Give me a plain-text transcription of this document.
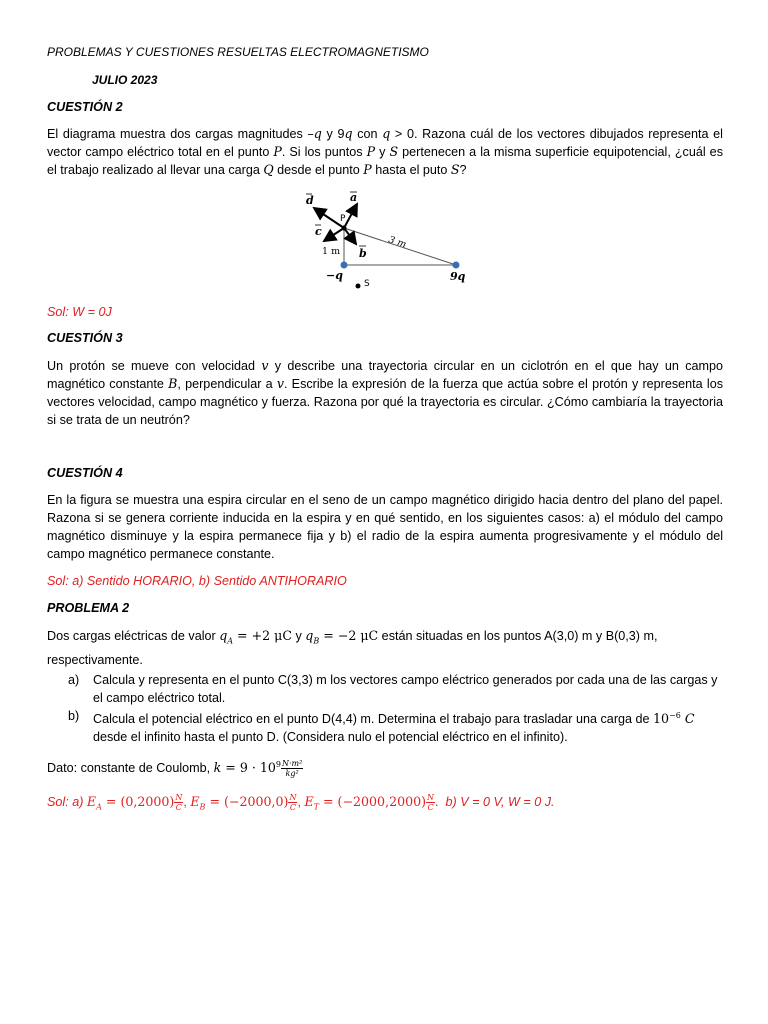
PROBLEMAS Y CUESTIONES RESUELTAS ELECTROMAGNETISMO
JULIO 2023
CUESTIÓN 2
El diagrama muestra dos cargas magnitudes –q y 9q con q > 0. Razona cuál de los vectores dibujados representa el vector campo eléctrico total en el punto P. Si los puntos P y S pertenecen a la misma superficie equipotencial, ¿cuál es el trabajo realizado al llevar una carga Q desde el punto P hasta el puto S?
d	a
c
b
P
1 m
3 m
−q	9q
S
Sol: W = 0J
CUESTIÓN 3
Un protón se mueve con velocidad v y describe una trayectoria circular en un ciclotrón en el que hay un campo magnético constante B, perpendicular a v. Escribe la expresión de la fuerza que actúa sobre el protón y representa los vectores velocidad, campo magnético y fuerza. Razona por qué la trayectoria es circular. ¿Cómo cambiaría la trayectoria si se trata de un neutrón?
CUESTIÓN 4
En la figura se muestra una espira circular en el seno de un campo magnético dirigido hacia dentro del plano del papel. Razona si se genera corriente inducida en la espira y en qué sentido, en los siguientes casos: a) el módulo del campo magnético disminuye y la espira permanece fija y b) el radio de la espira aumenta progresivamente y el módulo del campo magnético permanece constante.
Sol: a) Sentido HORARIO, b) Sentido ANTIHORARIO
PROBLEMA 2
Dos cargas eléctricas de valor $q_A = +2$ μC y $q_B = -2$ μC están situadas en los puntos A(3,0) m y B(0,3) m, respectivamente.
a) Calcula y representa en el punto C(3,3) m los vectores campo eléctrico generados por cada una de las cargas y el campo eléctrico total.
b) Calcula el potencial eléctrico en el punto D(4,4) m. Determina el trabajo para trasladar una carga de $10^{-6}$ C desde el infinito hasta el punto D. (Considera nulo el potencial eléctrico en el infinito).
Dato: constante de Coulomb, $k = 9 \cdot 10^9 \frac{\text{N·m²}}{\text{kg²}}$
Sol: a) $E_A = (0,2000) \frac{N}{C}$ , $E_B = (-2000,0) \frac{N}{C}$ , $E_T = (-2000,2000) \frac{N}{C}$ .  b) V = 0 V, W = 0 J.
